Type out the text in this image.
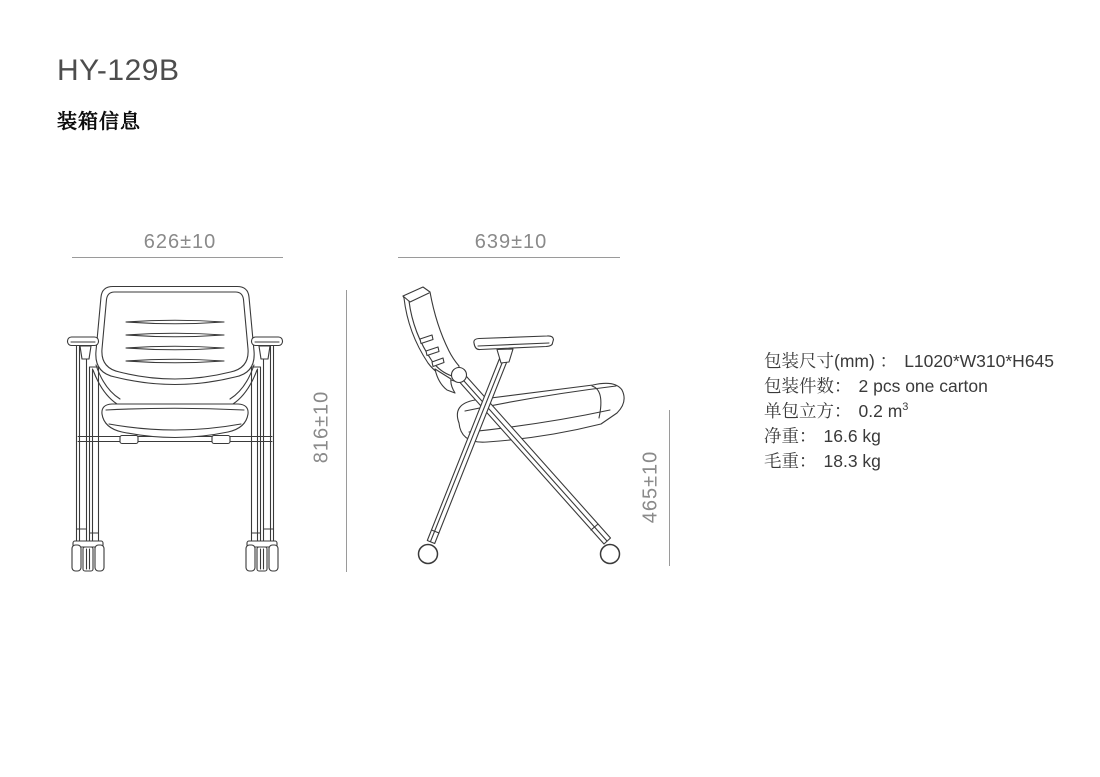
HY-129B
装箱信息
626±10	639±10
816±10
465±10
包装尺寸(mm) ： L1020*W310*H645
包装件数： 2 pcs one carton
单包立方： 0.2 $m^3$
净重： 16.6 kg
毛重： 18.3 kg
